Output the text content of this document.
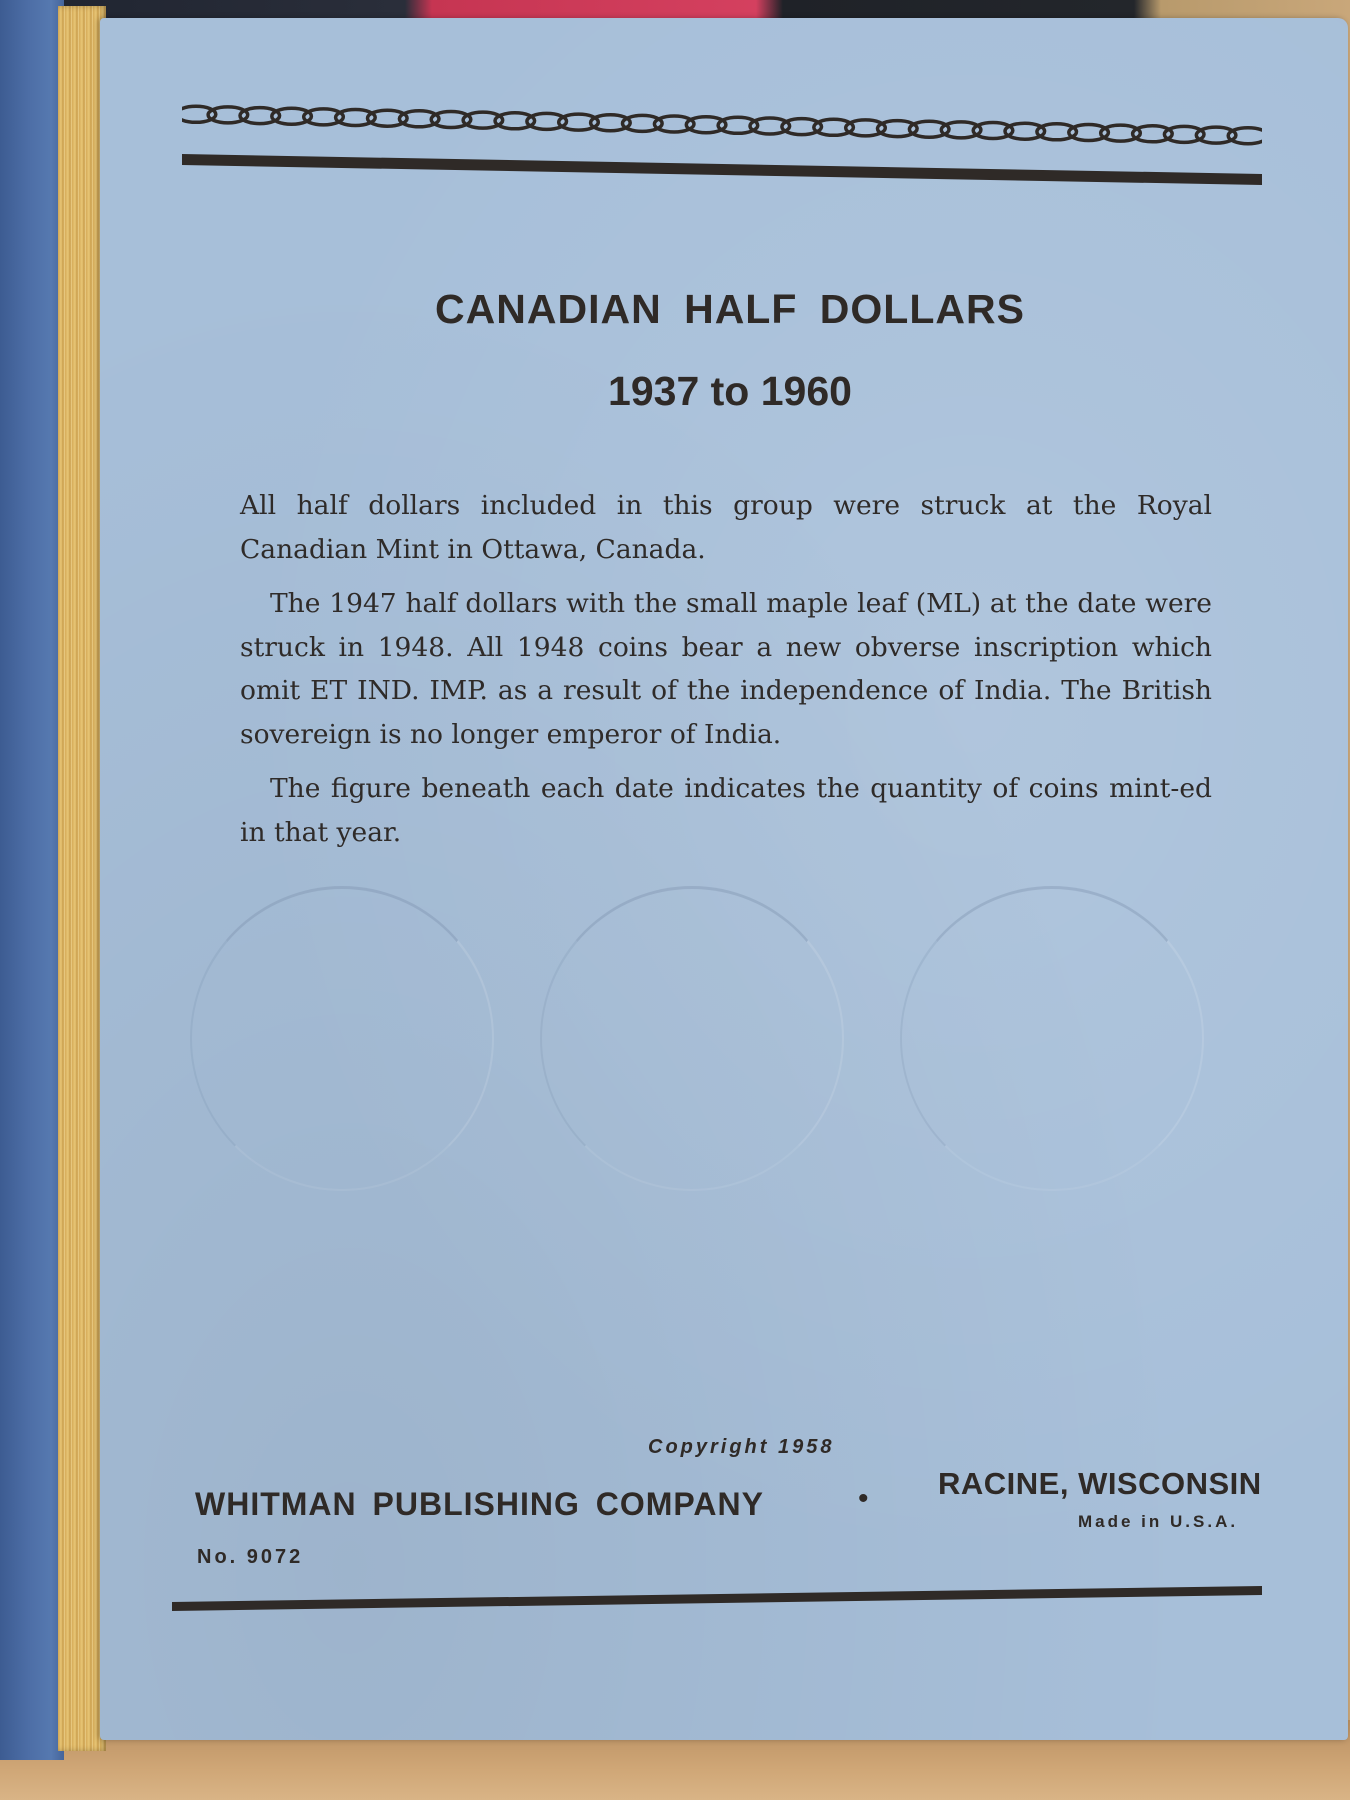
CANADIAN HALF DOLLARS
1937 to 1960

All half dollars included in this group were struck at the Royal Canadian Mint in Ottawa, Canada.

The 1947 half dollars with the small maple leaf (ML) at the date were struck in 1948. All 1948 coins bear a new obverse inscription which omit ET IND. IMP. as a result of the independence of India. The British sovereign is no longer emperor of India.

The figure beneath each date indicates the quantity of coins mint-ed in that year.

Copyright 1958
WHITMAN PUBLISHING COMPANY	• RACINE, WISCONSIN
Made in U.S.A.
No. 9072
